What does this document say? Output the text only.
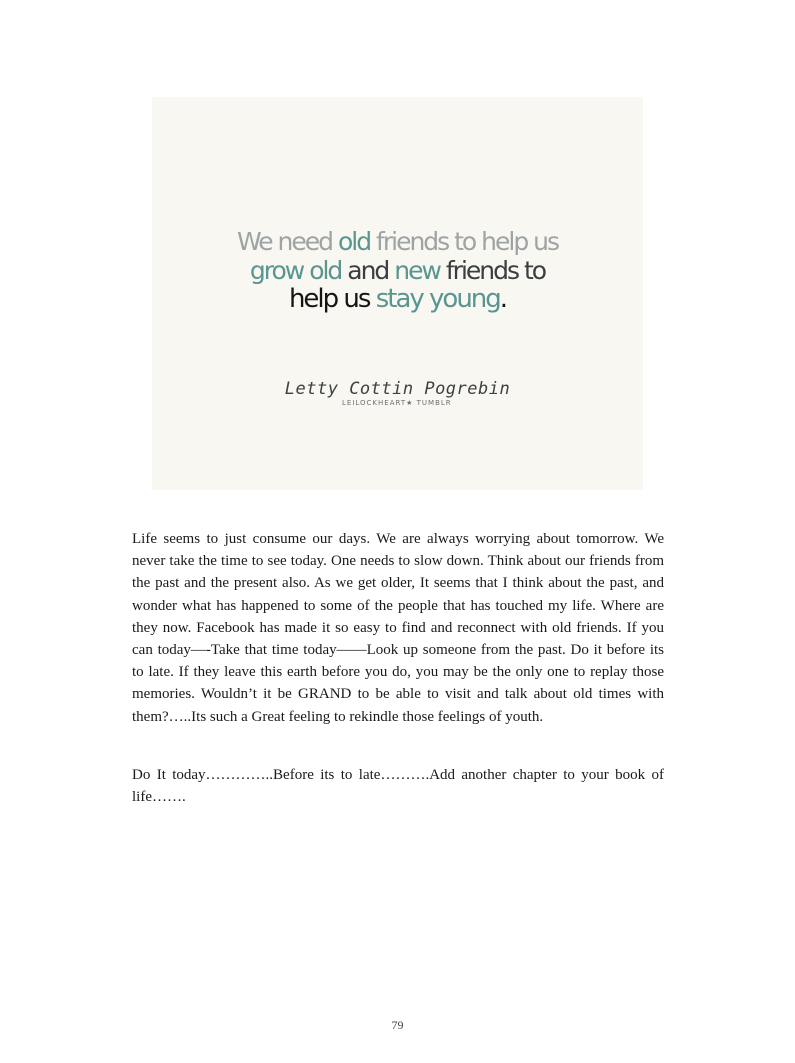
We need old friends to help us
grow old and new friends to
help us stay young.
Letty Cottin Pogrebin
LEILOCKHEART★ TUMBLR

Life seems to just consume our days. We are always worrying about tomorrow. We never take the time to see today. One needs to slow down. Think about our friends from the past and the present also. As we get older, It seems that I think about the past, and wonder what has happened to some of the people that has touched my life. Where are they now. Facebook has made it so easy to find and reconnect with old friends. If you can today—-Take that time today——Look up someone from the past. Do it before its to late. If they leave this earth before you do, you may be the only one to replay those memories. Wouldn’t it be GRAND to be able to visit and talk about old times with them?…..Its such a Great feeling to rekindle those feelings of youth.

Do It today…………..Before its to late……….Add another chapter to your book of life…….

79
